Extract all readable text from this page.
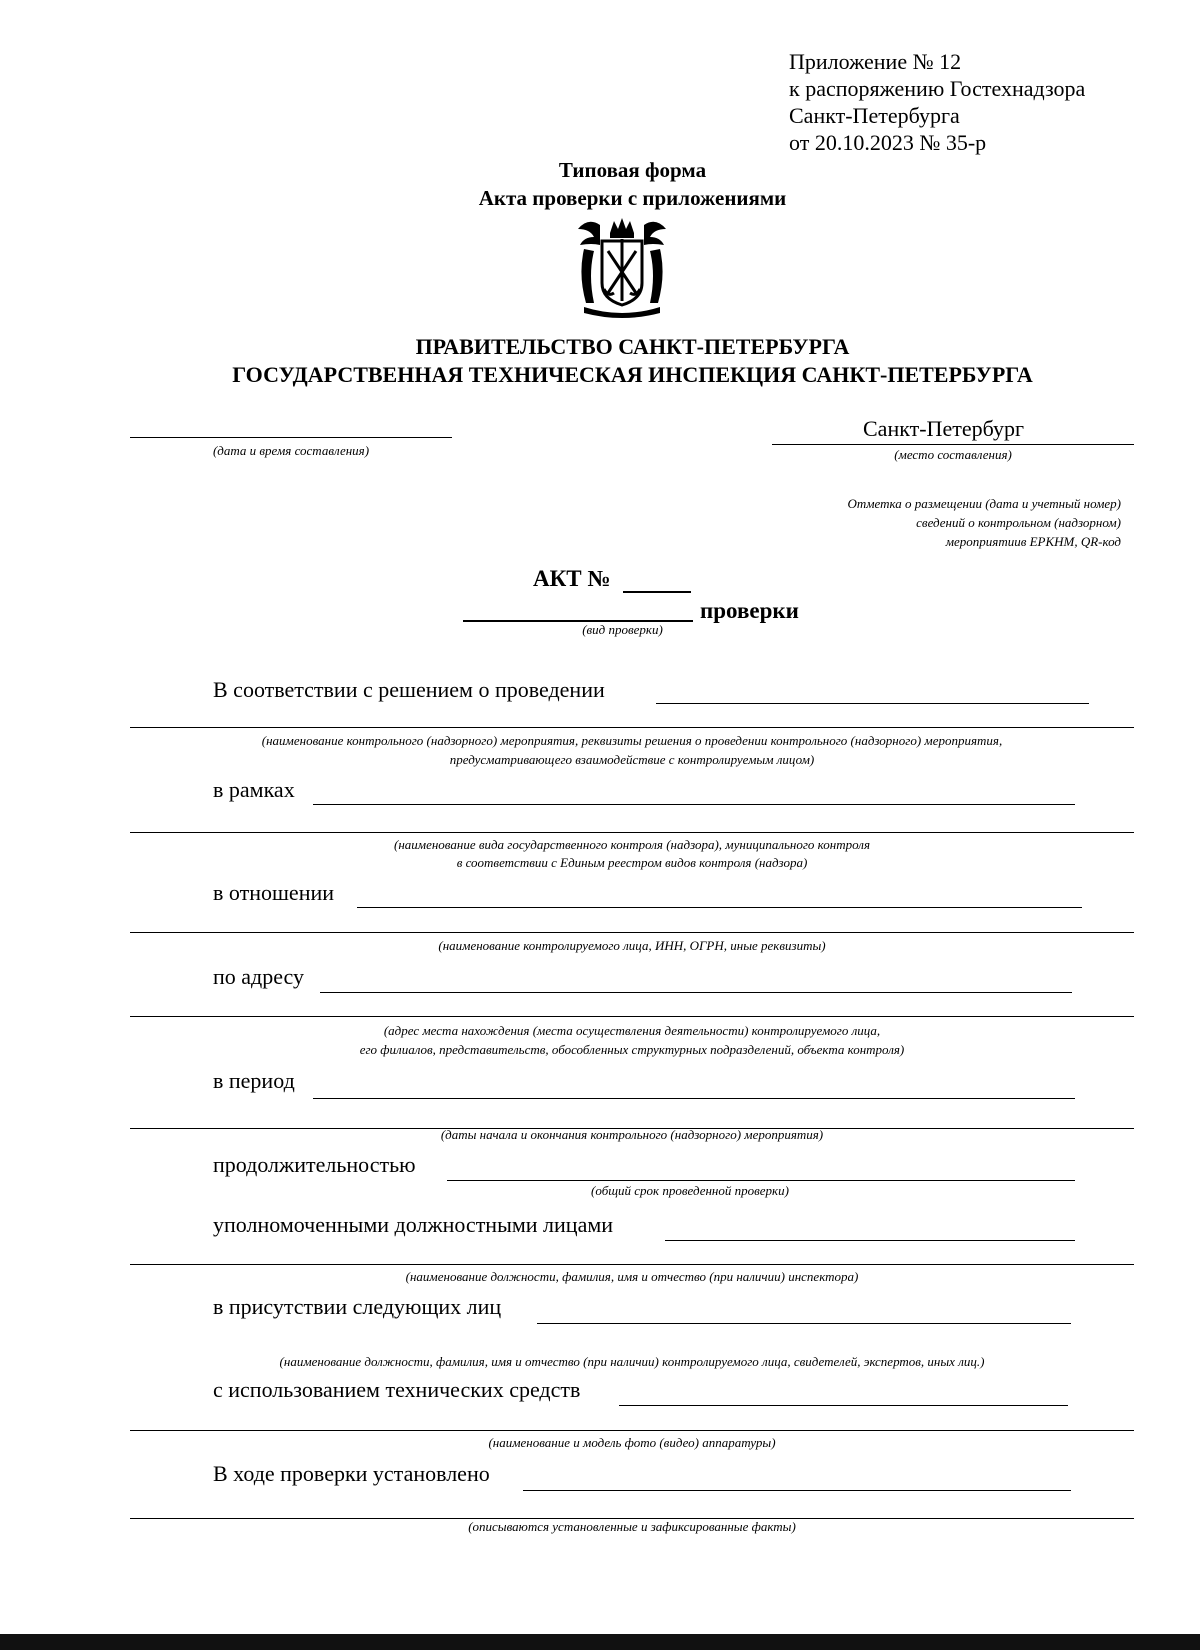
Приложение № 12
к распоряжению Гостехнадзора
Санкт-Петербурга
от 20.10.2023 № 35-р
Типовая форма
Акта проверки с приложениями
ПРАВИТЕЛЬСТВО САНКТ-ПЕТЕРБУРГА
ГОСУДАРСТВЕННАЯ ТЕХНИЧЕСКАЯ ИНСПЕКЦИЯ САНКТ-ПЕТЕРБУРГА
(дата и время составления)
Санкт-Петербург
(место составления)
Отметка о размещении (дата и учетный номер)
сведений о контрольном (надзорном)
мероприятиив ЕРКНМ, QR-код
АКТ №
проверки
(вид проверки)
В соответствии с решением о проведении
(наименование контрольного (надзорного) мероприятия, реквизиты решения о проведении контрольного (надзорного) мероприятия,
предусматривающего взаимодействие с контролируемым лицом)
в рамках
(наименование вида государственного контроля (надзора), муниципального контроля
в соответствии с Единым реестром видов контроля (надзора)
в отношении
(наименование контролируемого лица, ИНН, ОГРН, иные реквизиты)
по адресу
(адрес места нахождения (места осуществления деятельности) контролируемого лица,
его филиалов, представительств, обособленных структурных подразделений, объекта контроля)
в период
(даты начала и окончания контрольного (надзорного) мероприятия)
продолжительностью
(общий срок проведенной проверки)
уполномоченными должностными лицами
(наименование должности, фамилия, имя и отчество (при наличии) инспектора)
в присутствии следующих лиц
(наименование должности, фамилия, имя и отчество (при наличии) контролируемого лица, свидетелей, экспертов, иных лиц.)
с использованием технических средств
(наименование и модель фото (видео) аппаратуры)
В ходе проверки установлено
(описываются установленные и зафиксированные факты)
